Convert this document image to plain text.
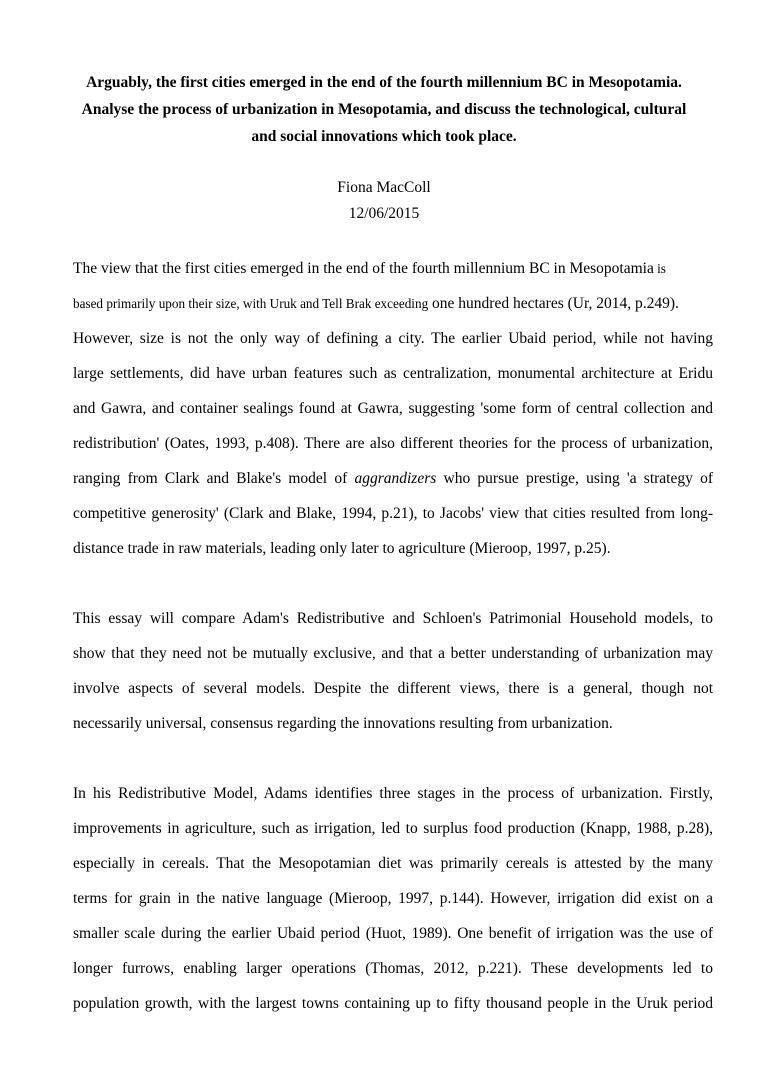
Arguably, the first cities emerged in the end of the fourth millennium BC in Mesopotamia.
Analyse the process of urbanization in Mesopotamia, and discuss the technological, cultural
and social innovations which took place.

Fiona MacColl

12/06/2015

The view that the first cities emerged in the end of the fourth millennium BC in Mesopotamia is
based primarily upon their size, with Uruk and Tell Brak exceeding one hundred hectares (Ur, 2014, p.249).
However, size is not the only way of defining a city. The earlier Ubaid period, while not having
large settlements, did have urban features such as centralization, monumental architecture at Eridu
and Gawra, and container sealings found at Gawra, suggesting 'some form of central collection and
redistribution' (Oates, 1993, p.408). There are also different theories for the process of urbanization,
ranging from Clark and Blake's model of aggrandizers who pursue prestige, using 'a strategy of
competitive generosity' (Clark and Blake, 1994, p.21), to Jacobs' view that cities resulted from long-
distance trade in raw materials, leading only later to agriculture (Mieroop, 1997, p.25).
This essay will compare Adam's Redistributive and Schloen's Patrimonial Household models, to
show that they need not be mutually exclusive, and that a better understanding of urbanization may
involve aspects of several models. Despite the different views, there is a general, though not
necessarily universal, consensus regarding the innovations resulting from urbanization.
In his Redistributive Model, Adams identifies three stages in the process of urbanization. Firstly,
improvements in agriculture, such as irrigation, led to surplus food production (Knapp, 1988, p.28),
especially in cereals. That the Mesopotamian diet was primarily cereals is attested by the many
terms for grain in the native language (Mieroop, 1997, p.144). However, irrigation did exist on a
smaller scale during the earlier Ubaid period (Huot, 1989). One benefit of irrigation was the use of
longer furrows, enabling larger operations (Thomas, 2012, p.221). These developments led to
population growth, with the largest towns containing up to fifty thousand people in the Uruk period
